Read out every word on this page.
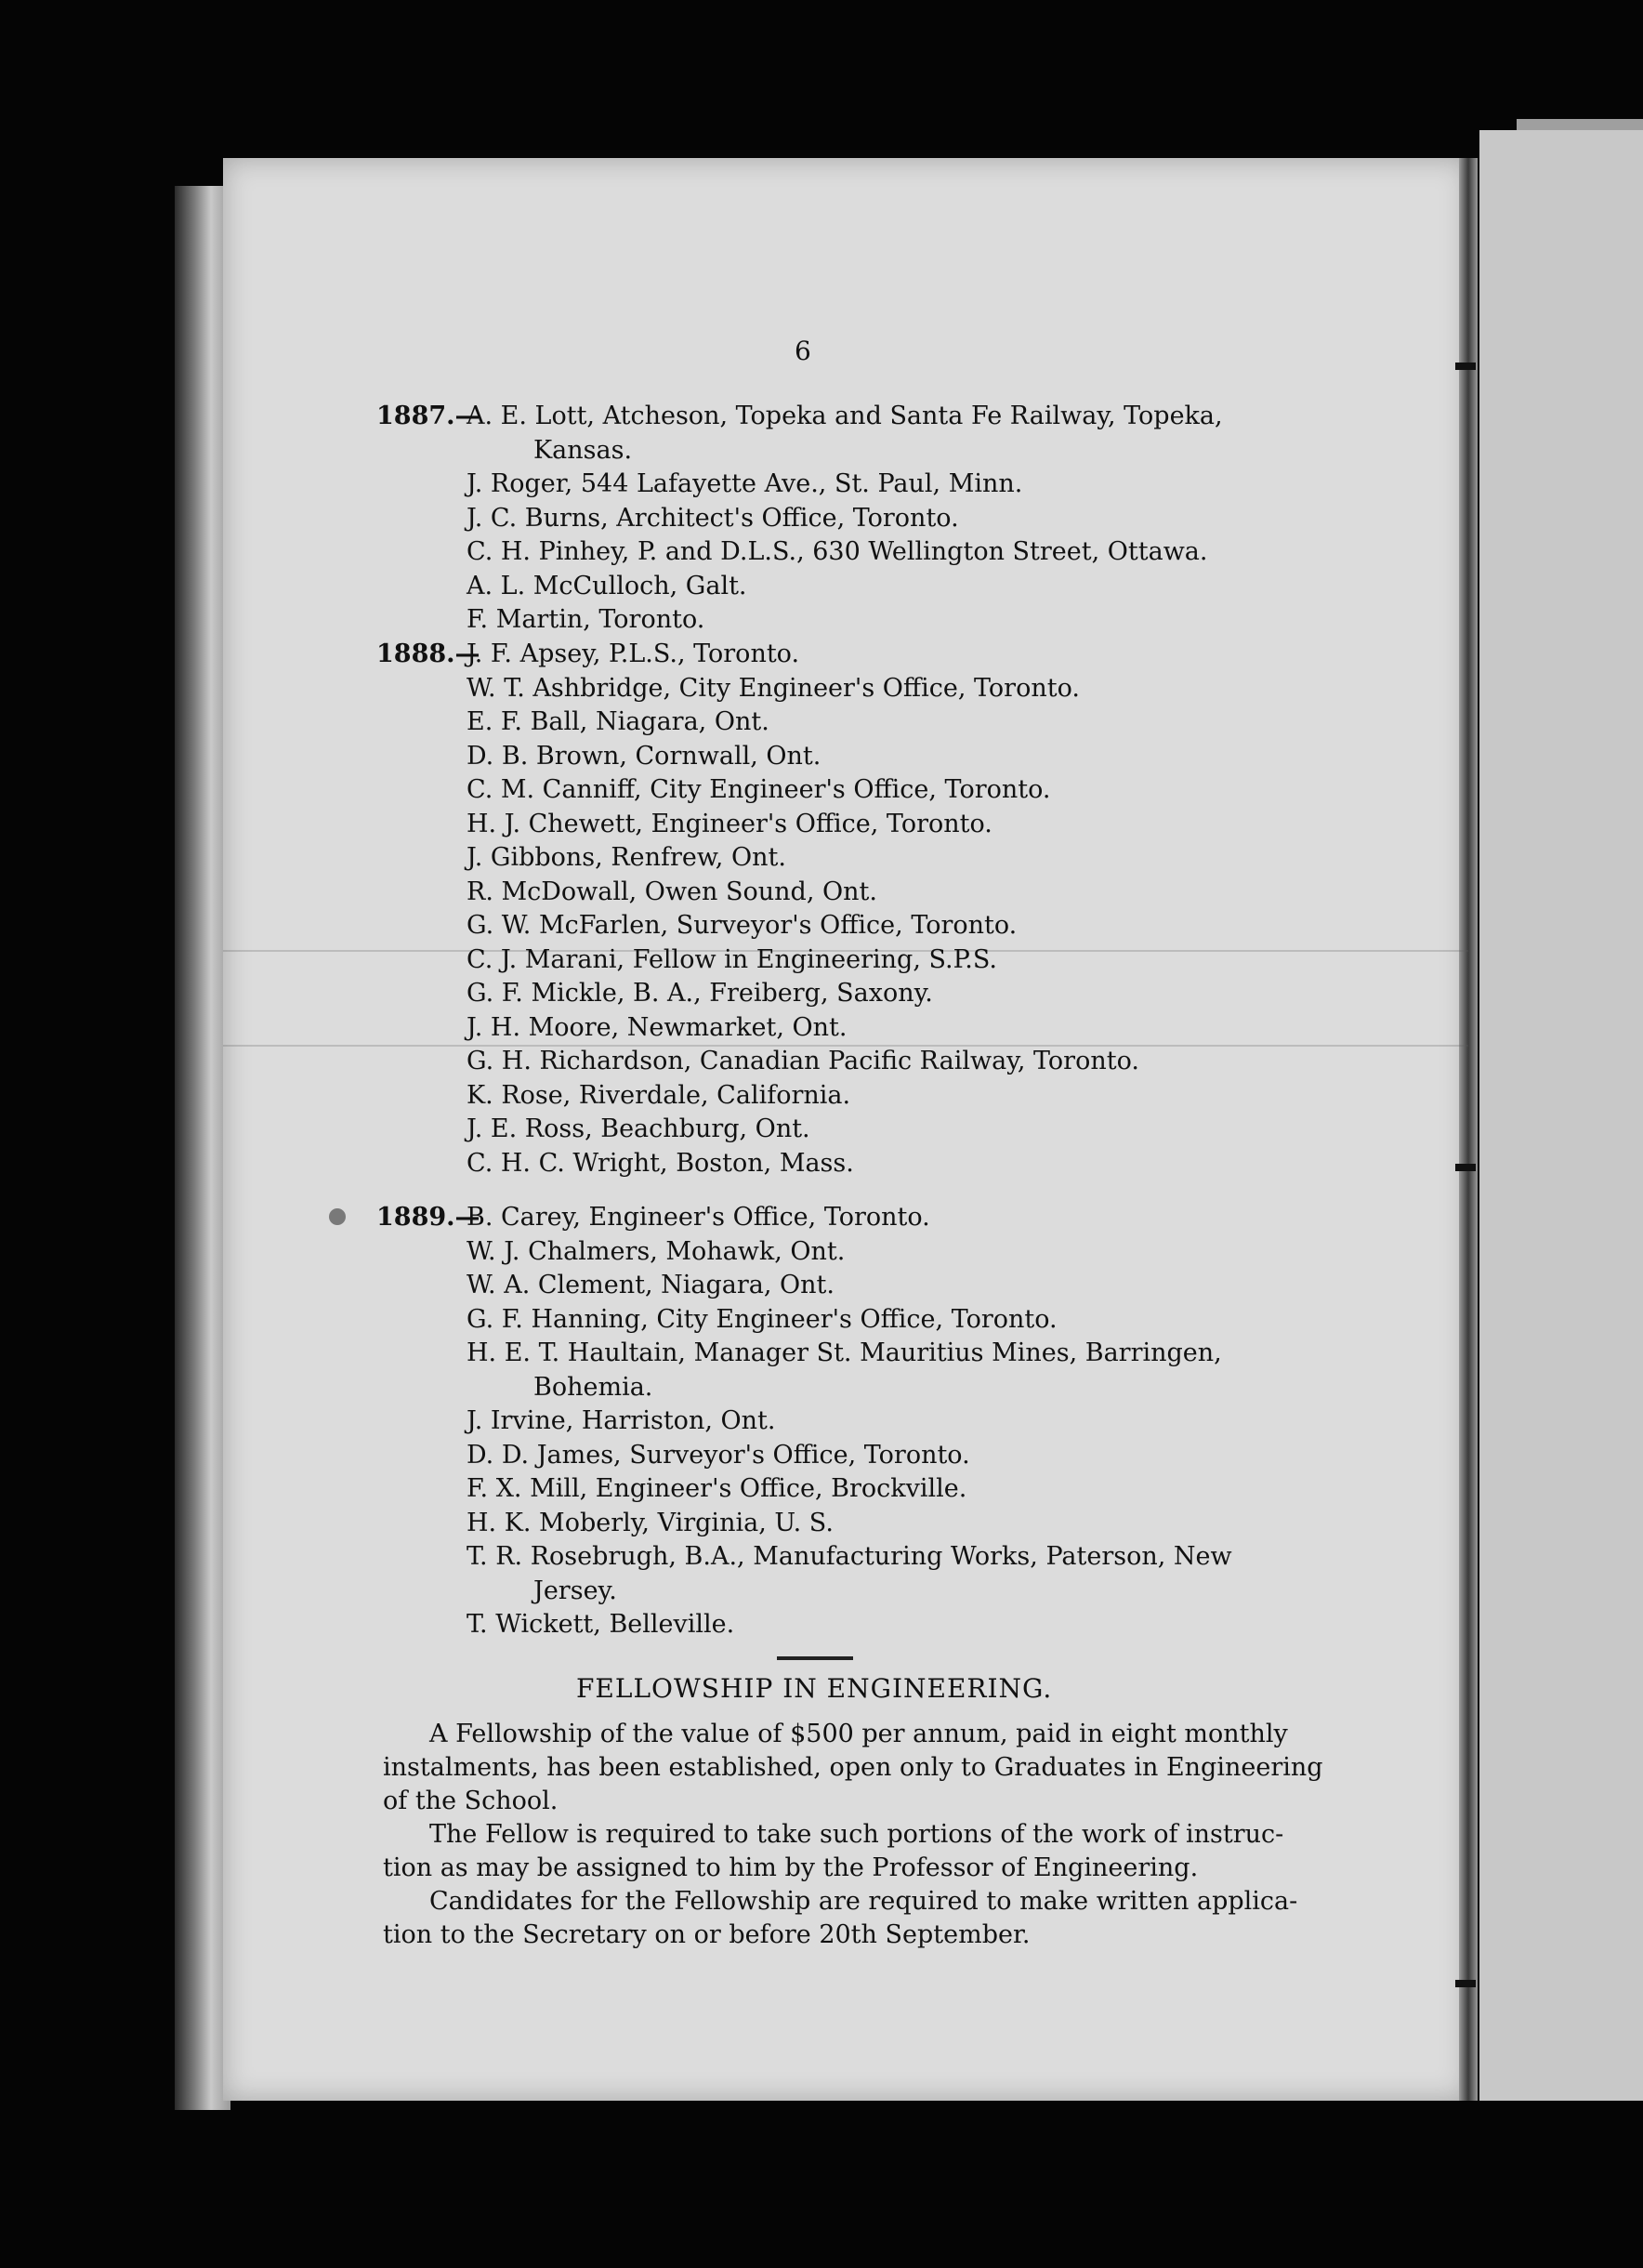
6
1887.—
A. E. Lott, Atcheson, Topeka and Santa Fe Railway, Topeka,
Kansas.
J. Roger, 544 Lafayette Ave., St. Paul, Minn.
J. C. Burns, Architect's Office, Toronto.
C. H. Pinhey, P. and D.L.S., 630 Wellington Street, Ottawa.
A. L. McCulloch, Galt.
F. Martin, Toronto.
1888.—
J. F. Apsey, P.L.S., Toronto.
W. T. Ashbridge, City Engineer's Office, Toronto.
E. F. Ball, Niagara, Ont.
D. B. Brown, Cornwall, Ont.
C. M. Canniff, City Engineer's Office, Toronto.
H. J. Chewett, Engineer's Office, Toronto.
J. Gibbons, Renfrew, Ont.
R. McDowall, Owen Sound, Ont.
G. W. McFarlen, Surveyor's Office, Toronto.
C. J. Marani, Fellow in Engineering, S.P.S.
G. F. Mickle, B. A., Freiberg, Saxony.
J. H. Moore, Newmarket, Ont.
G. H. Richardson, Canadian Pacific Railway, Toronto.
K. Rose, Riverdale, California.
J. E. Ross, Beachburg, Ont.
C. H. C. Wright, Boston, Mass.
1889.—
B. Carey, Engineer's Office, Toronto.
W. J. Chalmers, Mohawk, Ont.
W. A. Clement, Niagara, Ont.
G. F. Hanning, City Engineer's Office, Toronto.
H. E. T. Haultain, Manager St. Mauritius Mines, Barringen,
Bohemia.
J. Irvine, Harriston, Ont.
D. D. James, Surveyor's Office, Toronto.
F. X. Mill, Engineer's Office, Brockville.
H. K. Moberly, Virginia, U. S.
T. R. Rosebrugh, B.A., Manufacturing Works, Paterson, New
Jersey.
T. Wickett, Belleville.
FELLOWSHIP IN ENGINEERING.
A Fellowship of the value of $500 per annum, paid in eight monthly
instalments, has been established, open only to Graduates in Engineering
of the School.
The Fellow is required to take such portions of the work of instruc-
tion as may be assigned to him by the Professor of Engineering.
Candidates for the Fellowship are required to make written applica-
tion to the Secretary on or before 20th September.
